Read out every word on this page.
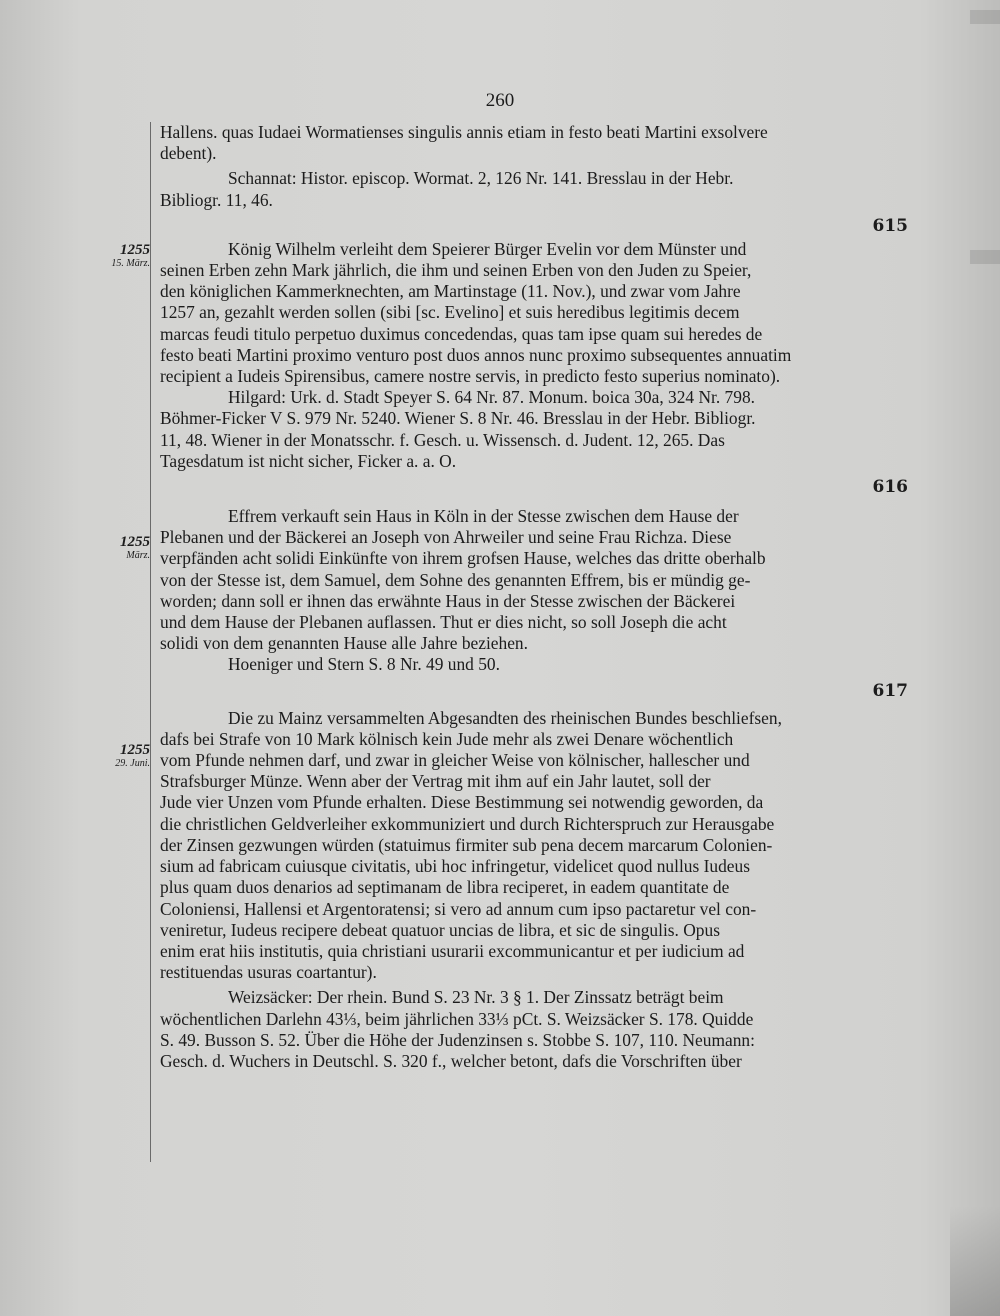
260
1255
15. März.
1255
März.
1255
29. Juni.

Hallens. quas Iudaei Wormatienses singulis annis etiam in festo beati Martini exsolvere
debent).

Schannat: Histor. episcop. Wormat. 2, 126 Nr. 141. Bresslau in der Hebr.
Bibliogr. 11, 46.

615

König Wilhelm verleiht dem Speierer Bürger Evelin vor dem Münster und
seinen Erben zehn Mark jährlich, die ihm und seinen Erben von den Juden zu Speier,
den königlichen Kammerknechten, am Martinstage (11. Nov.), und zwar vom Jahre
1257 an, gezahlt werden sollen (sibi [sc. Evelino] et suis heredibus legitimis decem
marcas feudi titulo perpetuo duximus concedendas, quas tam ipse quam sui heredes de
festo beati Martini proximo venturo post duos annos nunc proximo subsequentes annuatim
recipient a Iudeis Spirensibus, camere nostre servis, in predicto festo superius nominato).

Hilgard: Urk. d. Stadt Speyer S. 64 Nr. 87. Monum. boica 30a, 324 Nr. 798.
Böhmer-Ficker V S. 979 Nr. 5240. Wiener S. 8 Nr. 46. Bresslau in der Hebr. Bibliogr.
11, 48. Wiener in der Monatsschr. f. Gesch. u. Wissensch. d. Judent. 12, 265. Das
Tagesdatum ist nicht sicher, Ficker a. a. O.

616

Effrem verkauft sein Haus in Köln in der Stesse zwischen dem Hause der
Plebanen und der Bäckerei an Joseph von Ahrweiler und seine Frau Richza. Diese
verpfänden acht solidi Einkünfte von ihrem grofsen Hause, welches das dritte oberhalb
von der Stesse ist, dem Samuel, dem Sohne des genannten Effrem, bis er mündig ge-
worden; dann soll er ihnen das erwähnte Haus in der Stesse zwischen der Bäckerei
und dem Hause der Plebanen auflassen. Thut er dies nicht, so soll Joseph die acht
solidi von dem genannten Hause alle Jahre beziehen.

Hoeniger und Stern S. 8 Nr. 49 und 50.

617

Die zu Mainz versammelten Abgesandten des rheinischen Bundes beschliefsen,
dafs bei Strafe von 10 Mark kölnisch kein Jude mehr als zwei Denare wöchentlich
vom Pfunde nehmen darf, und zwar in gleicher Weise von kölnischer, hallescher und
Strafsburger Münze. Wenn aber der Vertrag mit ihm auf ein Jahr lautet, soll der
Jude vier Unzen vom Pfunde erhalten. Diese Bestimmung sei notwendig geworden, da
die christlichen Geldverleiher exkommuniziert und durch Richterspruch zur Herausgabe
der Zinsen gezwungen würden (statuimus firmiter sub pena decem marcarum Colonien-
sium ad fabricam cuiusque civitatis, ubi hoc infringetur, videlicet quod nullus Iudeus
plus quam duos denarios ad septimanam de libra reciperet, in eadem quantitate de
Coloniensi, Hallensi et Argentoratensi; si vero ad annum cum ipso pactaretur vel con-
veniretur, Iudeus recipere debeat quatuor uncias de libra, et sic de singulis. Opus
enim erat hiis institutis, quia christiani usurarii excommunicantur et per iudicium ad
restituendas usuras coartantur).

Weizsäcker: Der rhein. Bund S. 23 Nr. 3 § 1. Der Zinssatz beträgt beim
wöchentlichen Darlehn 43⅓, beim jährlichen 33⅓ pCt. S. Weizsäcker S. 178. Quidde
S. 49. Busson S. 52. Über die Höhe der Judenzinsen s. Stobbe S. 107, 110. Neumann:
Gesch. d. Wuchers in Deutschl. S. 320 f., welcher betont, dafs die Vorschriften über
